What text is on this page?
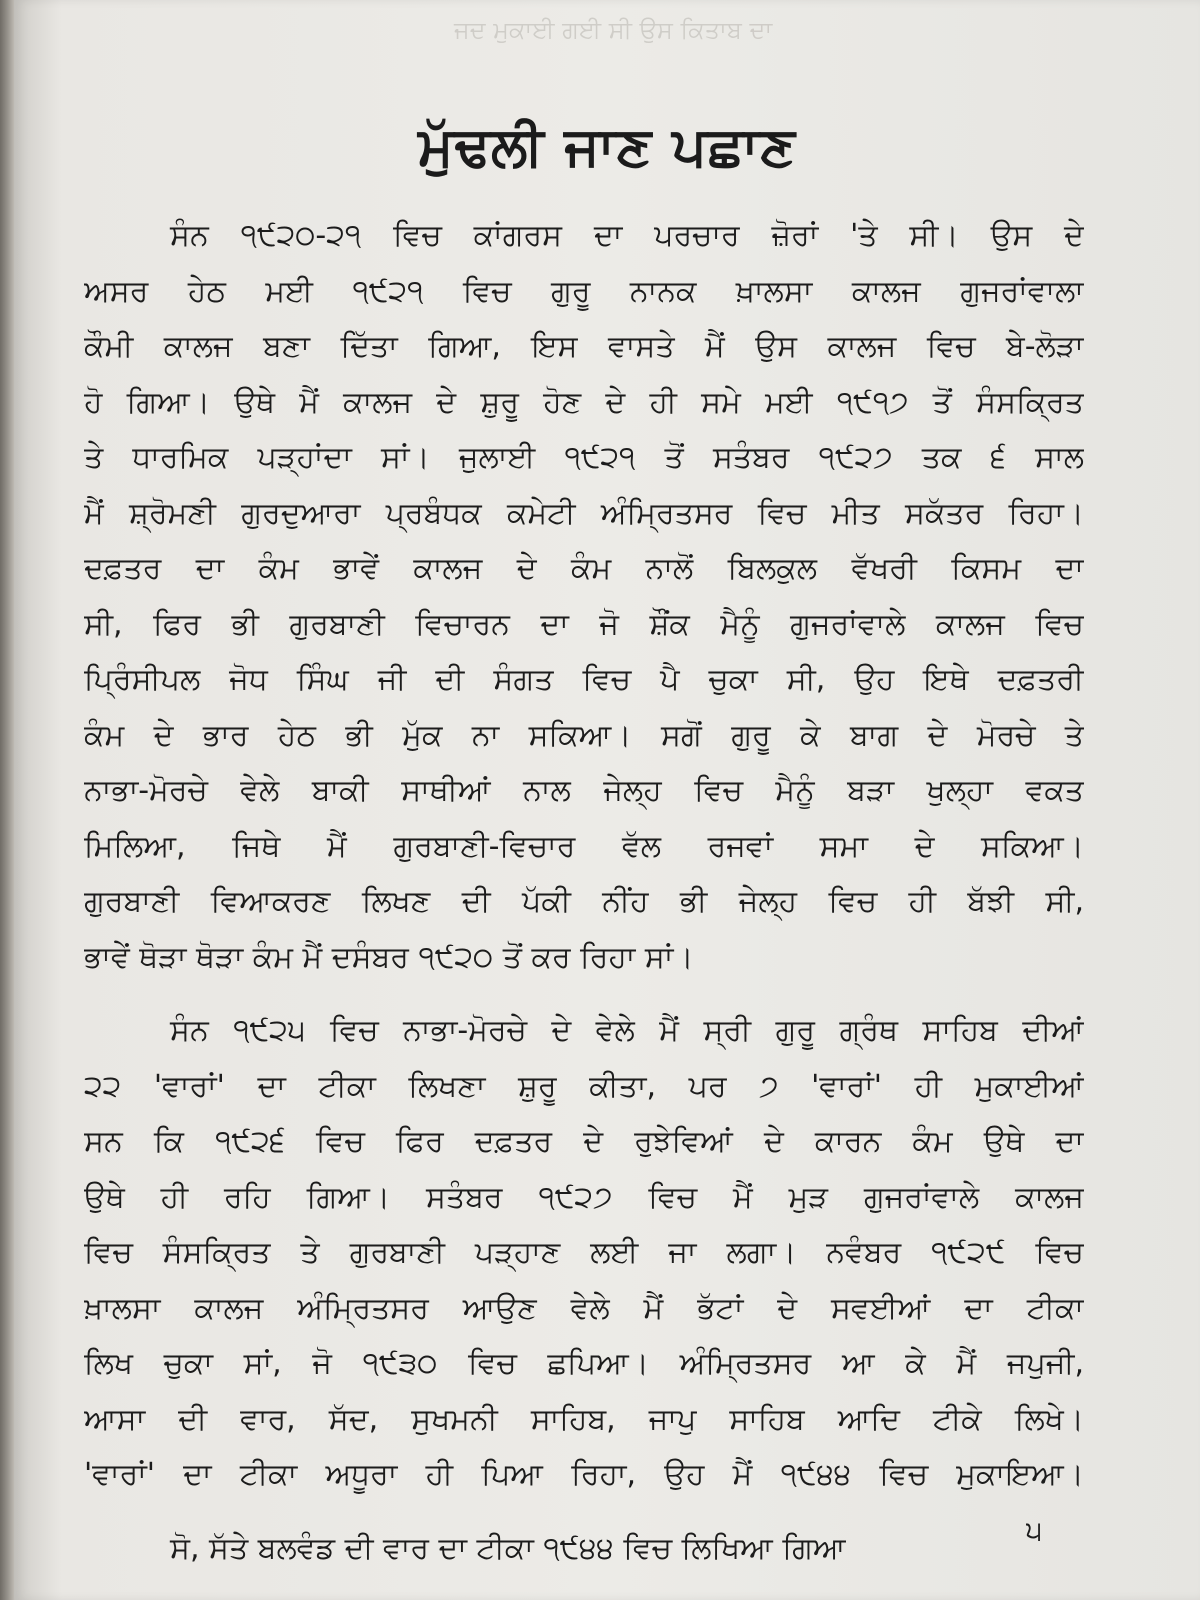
ਜਦ ਮੁਕਾਈ ਗਈ ਸੀ ਉਸ ਕਿਤਾਬ ਦਾ
ਮੁੱਢਲੀ ਜਾਣ ਪਛਾਣ
ਸੰਨ ੧੯੨੦-੨੧ ਵਿਚ ਕਾਂਗਰਸ ਦਾ ਪਰਚਾਰ ਜ਼ੋਰਾਂ 'ਤੇ ਸੀ। ਉਸ ਦੇ
ਅਸਰ ਹੇਠ ਮਈ ੧੯੨੧ ਵਿਚ ਗੁਰੂ ਨਾਨਕ ਖ਼ਾਲਸਾ ਕਾਲਜ ਗੁਜਰਾਂਵਾਲਾ
ਕੌਮੀ ਕਾਲਜ ਬਣਾ ਦਿੱਤਾ ਗਿਆ, ਇਸ ਵਾਸਤੇ ਮੈਂ ਉਸ ਕਾਲਜ ਵਿਚ ਬੇ-ਲੋੜਾ
ਹੋ ਗਿਆ। ਉਥੇ ਮੈਂ ਕਾਲਜ ਦੇ ਸ਼ੁਰੂ ਹੋਣ ਦੇ ਹੀ ਸਮੇ ਮਈ ੧੯੧੭ ਤੋਂ ਸੰਸਕ੍ਰਿਤ
ਤੇ ਧਾਰਮਿਕ ਪੜ੍ਹਾਂਦਾ ਸਾਂ। ਜੁਲਾਈ ੧੯੨੧ ਤੋਂ ਸਤੰਬਰ ੧੯੨੭ ਤਕ ੬ ਸਾਲ
ਮੈਂ ਸ਼੍ਰੋਮਣੀ ਗੁਰਦੁਆਰਾ ਪ੍ਰਬੰਧਕ ਕਮੇਟੀ ਅੰਮ੍ਰਿਤਸਰ ਵਿਚ ਮੀਤ ਸਕੱਤਰ ਰਿਹਾ।
ਦਫ਼ਤਰ ਦਾ ਕੰਮ ਭਾਵੇਂ ਕਾਲਜ ਦੇ ਕੰਮ ਨਾਲੋਂ ਬਿਲਕੁਲ ਵੱਖਰੀ ਕਿਸਮ ਦਾ
ਸੀ, ਫਿਰ ਭੀ ਗੁਰਬਾਣੀ ਵਿਚਾਰਨ ਦਾ ਜੋ ਸ਼ੌਂਕ ਮੈਨੂੰ ਗੁਜਰਾਂਵਾਲੇ ਕਾਲਜ ਵਿਚ
ਪ੍ਰਿੰਸੀਪਲ ਜੋਧ ਸਿੰਘ ਜੀ ਦੀ ਸੰਗਤ ਵਿਚ ਪੈ ਚੁਕਾ ਸੀ, ਉਹ ਇਥੇ ਦਫ਼ਤਰੀ
ਕੰਮ ਦੇ ਭਾਰ ਹੇਠ ਭੀ ਮੁੱਕ ਨਾ ਸਕਿਆ। ਸਗੋਂ ਗੁਰੂ ਕੇ ਬਾਗ ਦੇ ਮੋਰਚੇ ਤੇ
ਨਾਭਾ-ਮੋਰਚੇ ਵੇਲੇ ਬਾਕੀ ਸਾਥੀਆਂ ਨਾਲ ਜੇਲ੍ਹ ਵਿਚ ਮੈਨੂੰ ਬੜਾ ਖੁਲ੍ਹਾ ਵਕਤ
ਮਿਲਿਆ, ਜਿਥੇ ਮੈਂ ਗੁਰਬਾਣੀ-ਵਿਚਾਰ ਵੱਲ ਰਜਵਾਂ ਸਮਾ ਦੇ ਸਕਿਆ।
ਗੁਰਬਾਣੀ ਵਿਆਕਰਣ ਲਿਖਣ ਦੀ ਪੱਕੀ ਨੀਂਹ ਭੀ ਜੇਲ੍ਹ ਵਿਚ ਹੀ ਬੱਝੀ ਸੀ,
ਭਾਵੇਂ ਥੋੜਾ ਥੋੜਾ ਕੰਮ ਮੈਂ ਦਸੰਬਰ ੧੯੨੦ ਤੋਂ ਕਰ ਰਿਹਾ ਸਾਂ।
ਸੰਨ ੧੯੨੫ ਵਿਚ ਨਾਭਾ-ਮੋਰਚੇ ਦੇ ਵੇਲੇ ਮੈਂ ਸ੍ਰੀ ਗੁਰੂ ਗ੍ਰੰਥ ਸਾਹਿਬ ਦੀਆਂ
੨੨ 'ਵਾਰਾਂ' ਦਾ ਟੀਕਾ ਲਿਖਣਾ ਸ਼ੁਰੂ ਕੀਤਾ, ਪਰ ੭ 'ਵਾਰਾਂ' ਹੀ ਮੁਕਾਈਆਂ
ਸਨ ਕਿ ੧੯੨੬ ਵਿਚ ਫਿਰ ਦਫ਼ਤਰ ਦੇ ਰੁਝੇਵਿਆਂ ਦੇ ਕਾਰਨ ਕੰਮ ਉਥੇ ਦਾ
ਉਥੇ ਹੀ ਰਹਿ ਗਿਆ। ਸਤੰਬਰ ੧੯੨੭ ਵਿਚ ਮੈਂ ਮੁੜ ਗੁਜਰਾਂਵਾਲੇ ਕਾਲਜ
ਵਿਚ ਸੰਸਕ੍ਰਿਤ ਤੇ ਗੁਰਬਾਣੀ ਪੜ੍ਹਾਣ ਲਈ ਜਾ ਲਗਾ। ਨਵੰਬਰ ੧੯੨੯ ਵਿਚ
ਖ਼ਾਲਸਾ ਕਾਲਜ ਅੰਮ੍ਰਿਤਸਰ ਆਉਣ ਵੇਲੇ ਮੈਂ ਭੱਟਾਂ ਦੇ ਸਵਈਆਂ ਦਾ ਟੀਕਾ
ਲਿਖ ਚੁਕਾ ਸਾਂ, ਜੋ ੧੯੩੦ ਵਿਚ ਛਪਿਆ। ਅੰਮ੍ਰਿਤਸਰ ਆ ਕੇ ਮੈਂ ਜਪੁਜੀ,
ਆਸਾ ਦੀ ਵਾਰ, ਸੱਦ, ਸੁਖਮਨੀ ਸਾਹਿਬ, ਜਾਪੁ ਸਾਹਿਬ ਆਦਿ ਟੀਕੇ ਲਿਖੇ।
'ਵਾਰਾਂ' ਦਾ ਟੀਕਾ ਅਧੂਰਾ ਹੀ ਪਿਆ ਰਿਹਾ, ਉਹ ਮੈਂ ੧੯੪੪ ਵਿਚ ਮੁਕਾਇਆ।
ਸੋ, ਸੱਤੇ ਬਲਵੰਡ ਦੀ ਵਾਰ ਦਾ ਟੀਕਾ ੧੯੪੪ ਵਿਚ ਲਿਖਿਆ ਗਿਆ	੫
